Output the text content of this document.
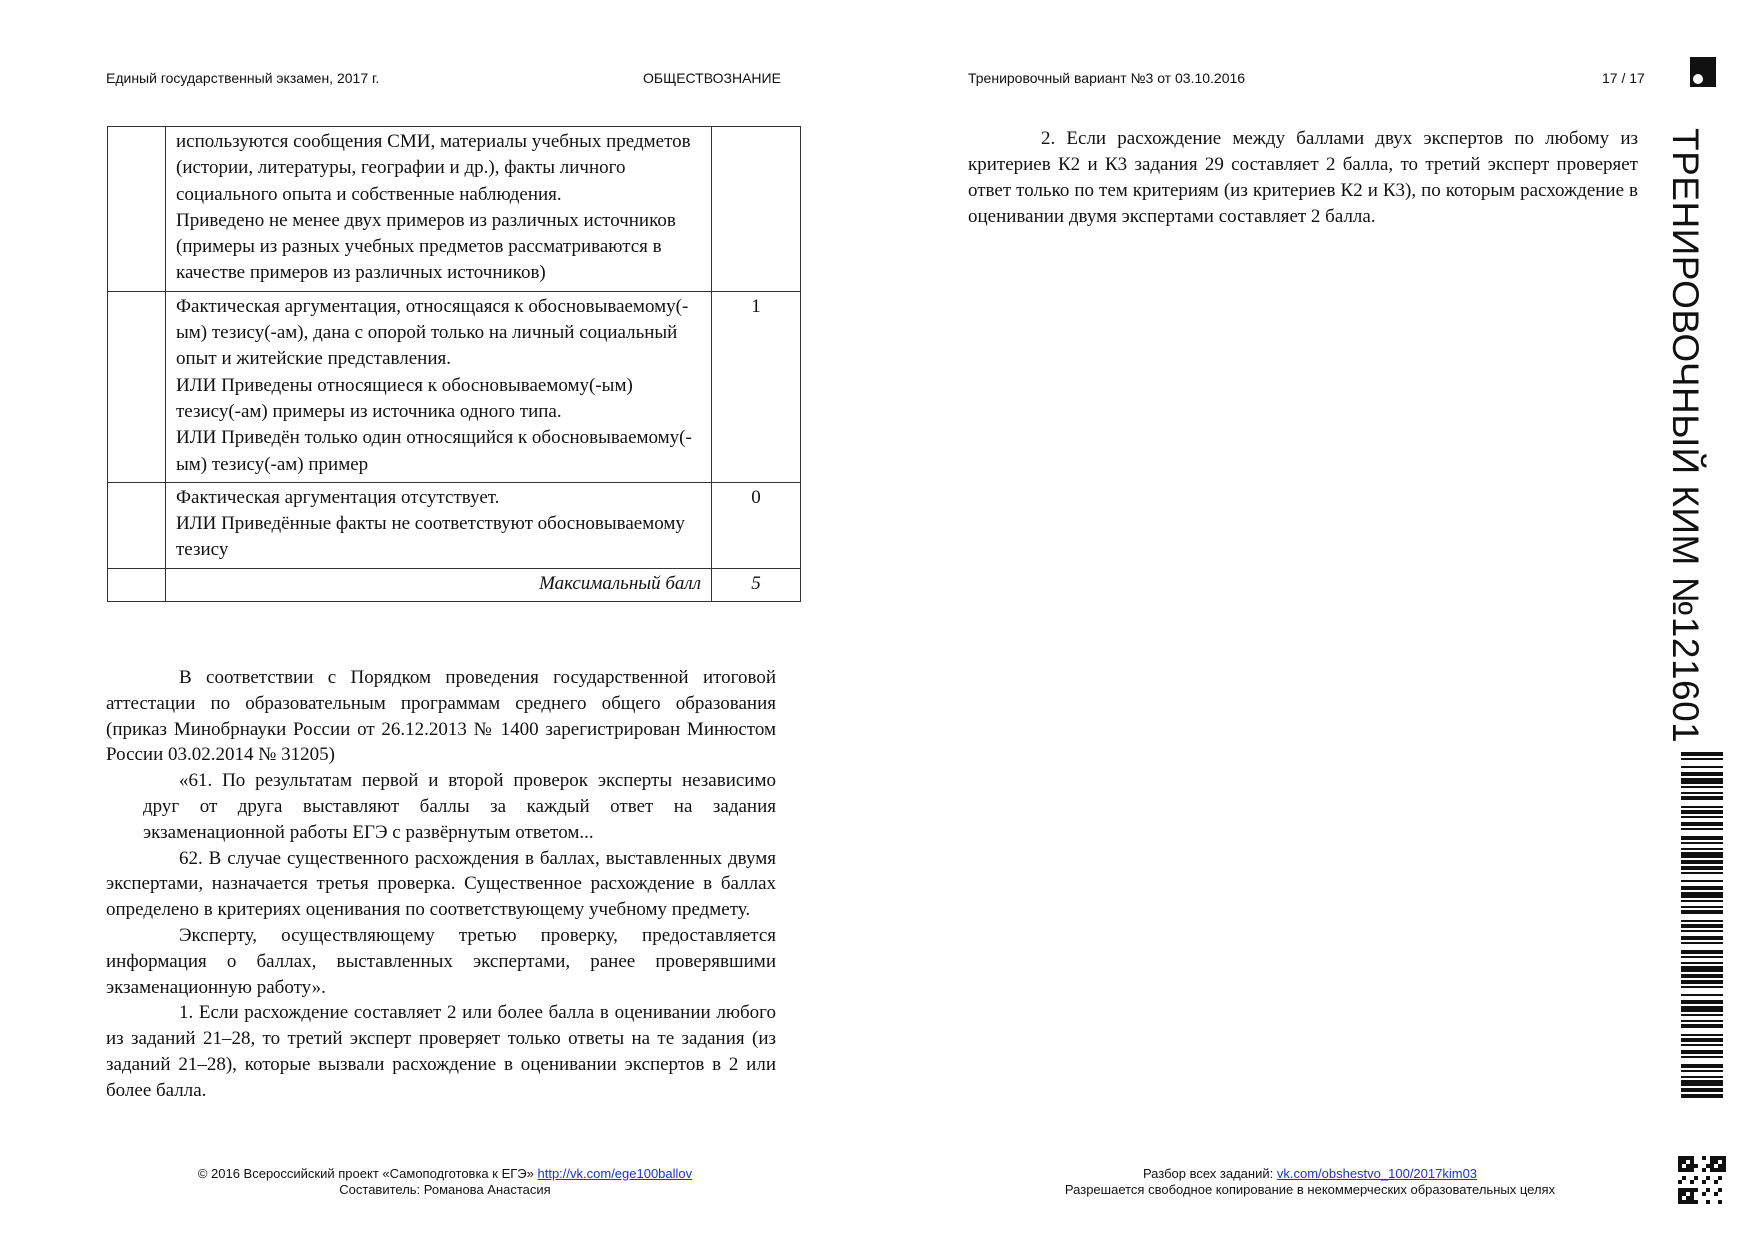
Единый государственный экзамен, 2017 г.	ОБЩЕСТВОЗНАНИЕ	Тренировочный вариант №3 от 03.10.2016	17 / 17
ТРЕНИРОВОЧНЫЙ КИМ №121601

	используются сообщения СМИ, материалы учебных предметов (истории, литературы, географии и др.), факты личного социального опыта и собственные наблюдения.
Приведено не менее двух примеров из различных источников (примеры из разных учебных предметов рассматриваются в качестве примеров из различных источников)	

	Фактическая аргументация, относящаяся к обосновываемому(-ым) тезису(-ам), дана с опорой только на личный социальный опыт и житейские представления.
ИЛИ Приведены относящиеся к обосновываемому(-ым) тезису(-ам) примеры из источника одного типа.
ИЛИ Приведён только один относящийся к обосновываемому(-ым) тезису(-ам) пример	1

	Фактическая аргументация отсутствует.
ИЛИ Приведённые факты не соответствуют обосновываемому тезису	0
	Максимальный балл	5

В соответствии с Порядком проведения государственной итоговой аттестации по образовательным программам среднего общего образования (приказ Минобрнауки России от 26.12.2013 № 1400 зарегистрирован Минюстом России 03.02.2014 № 31205)

«61. По результатам первой и второй проверок эксперты независимо друг от друга выставляют баллы за каждый ответ на задания экзаменационной работы ЕГЭ с развёрнутым ответом...

62. В случае существенного расхождения в баллах, выставленных двумя экспертами, назначается третья проверка. Существенное расхождение в баллах определено в критериях оценивания по соответствующему учебному предмету.

Эксперту, осуществляющему третью проверку, предоставляется информация о баллах, выставленных экспертами, ранее проверявшими экзаменационную работу».

1. Если расхождение составляет 2 или более балла в оценивании любого из заданий 21–28, то третий эксперт проверяет только ответы на те задания (из заданий 21–28), которые вызвали расхождение в оценивании экспертов в 2 или более балла.

2. Если расхождение между баллами двух экспертов по любому из критериев К2 и К3 задания 29 составляет 2 балла, то третий эксперт проверяет ответ только по тем критериям (из критериев К2 и К3), по которым расхождение в оценивании двумя экспертами составляет 2 балла.

© 2016 Всероссийский проект «Самоподготовка к ЕГЭ» http://vk.com/ege100ballov
Составитель: Романова Анастасия
Разбор всех заданий: vk.com/obshestvo_100/2017kim03
Разрешается свободное копирование в некоммерческих образовательных целях
